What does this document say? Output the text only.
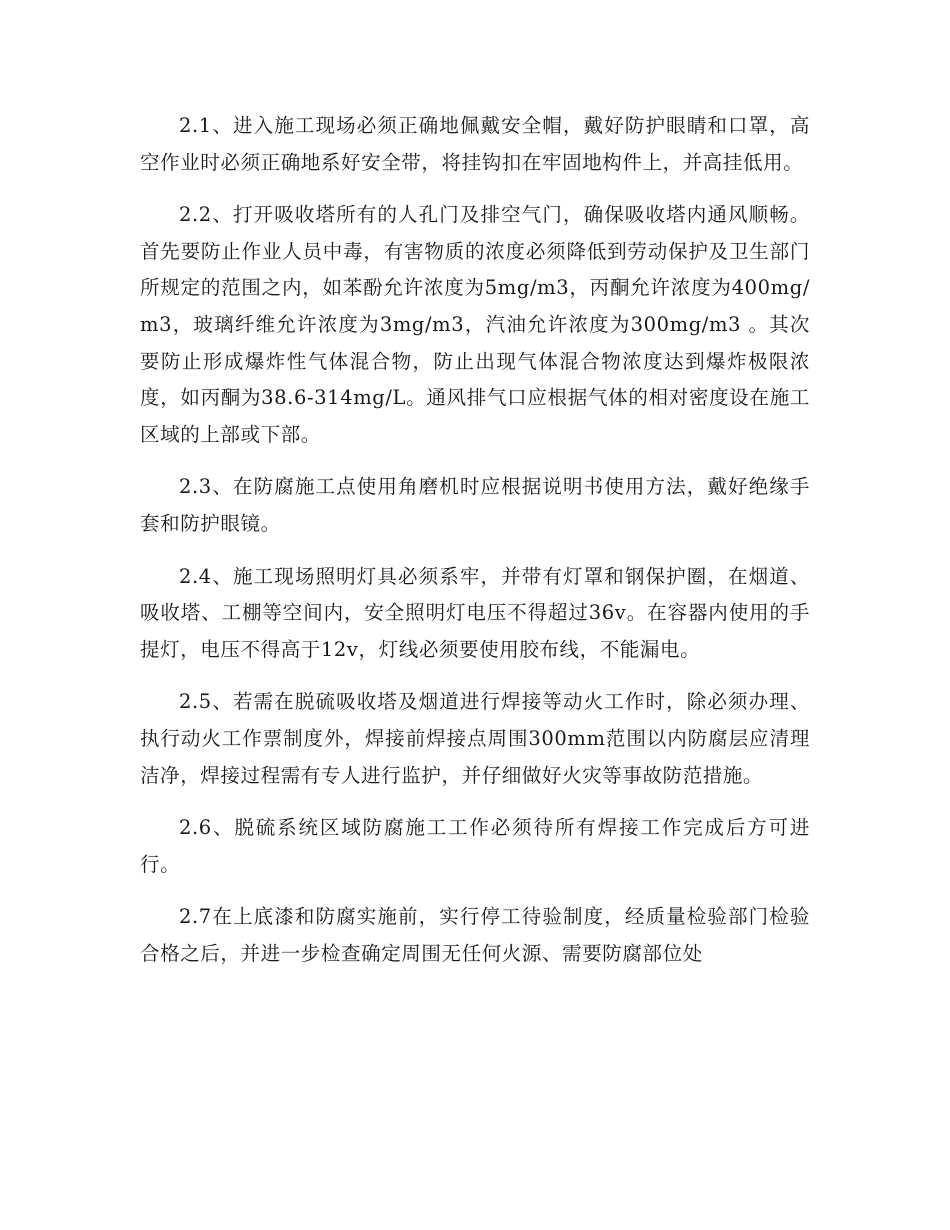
2.1、进入施工现场必须正确地佩戴安全帽，戴好防护眼睛和口罩，高空作业时必须正确地系好安全带，将挂钩扣在牢固地构件上，并高挂低用。

2.2、打开吸收塔所有的人孔门及排空气门，确保吸收塔内通风顺畅。首先要防止作业人员中毒，有害物质的浓度必须降低到劳动保护及卫生部门所规定的范围之内，如苯酚允许浓度为5mg/m3，丙酮允许浓度为400mg/m3，玻璃纤维允许浓度为3mg/m3，汽油允许浓度为300mg/m3 。其次要防止形成爆炸性气体混合物，防止出现气体混合物浓度达到爆炸极限浓度，如丙酮为38.6-314mg/L。通风排气口应根据气体的相对密度设在施工区域的上部或下部。

2.3、在防腐施工点使用角磨机时应根据说明书使用方法，戴好绝缘手套和防护眼镜。

2.4、施工现场照明灯具必须系牢，并带有灯罩和钢保护圈，在烟道、吸收塔、工棚等空间内，安全照明灯电压不得超过36v。在容器内使用的手提灯，电压不得高于12v，灯线必须要使用胶布线，不能漏电。

2.5、若需在脱硫吸收塔及烟道进行焊接等动火工作时，除必须办理、执行动火工作票制度外，焊接前焊接点周围300mm范围以内防腐层应清理洁净，焊接过程需有专人进行监护，并仔细做好火灾等事故防范措施。

2.6、脱硫系统区域防腐施工工作必须待所有焊接工作完成后方可进行。

2.7在上底漆和防腐实施前，实行停工待验制度，经质量检验部门检验合格之后，并进一步检查确定周围无任何火源、需要防腐部位处
